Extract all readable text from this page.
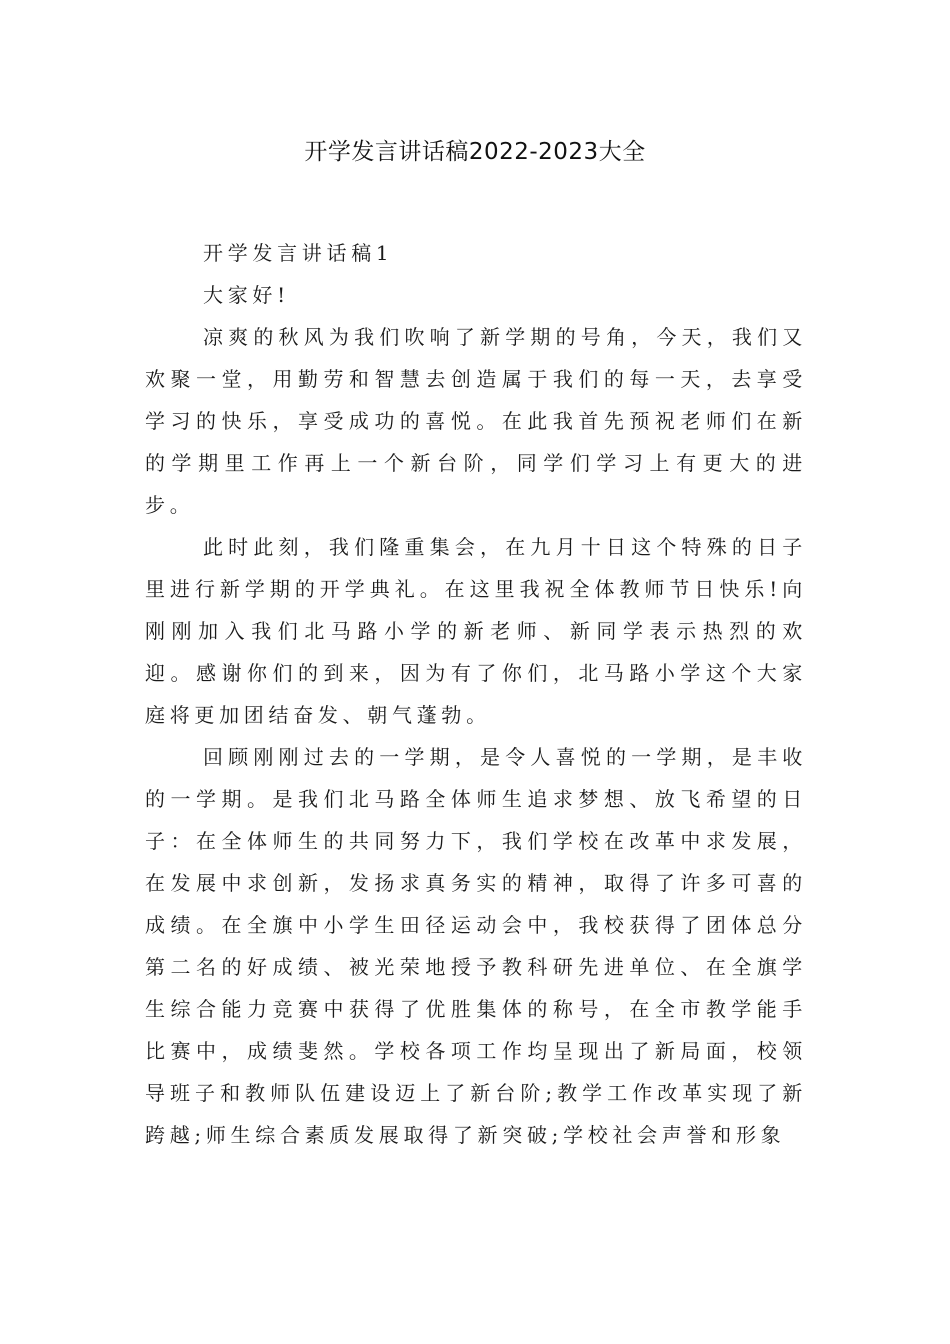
开学发言讲话稿2022-2023大全

开学发言讲话稿1

大家好!

凉爽的秋风为我们吹响了新学期的号角，今天，我们又欢聚一堂，用勤劳和智慧去创造属于我们的每一天，去享受学习的快乐，享受成功的喜悦。在此我首先预祝老师们在新的学期里工作再上一个新台阶，同学们学习上有更大的进步。

此时此刻，我们隆重集会，在九月十日这个特殊的日子里进行新学期的开学典礼。在这里我祝全体教师节日快乐!向刚刚加入我们北马路小学的新老师、新同学表示热烈的欢迎。感谢你们的到来，因为有了你们，北马路小学这个大家庭将更加团结奋发、朝气蓬勃。

回顾刚刚过去的一学期，是令人喜悦的一学期，是丰收的一学期。是我们北马路全体师生追求梦想、放飞希望的日子：在全体师生的共同努力下，我们学校在改革中求发展，在发展中求创新，发扬求真务实的精神，取得了许多可喜的成绩。在全旗中小学生田径运动会中，我校获得了团体总分第二名的好成绩、被光荣地授予教科研先进单位、在全旗学生综合能力竞赛中获得了优胜集体的称号，在全市教学能手比赛中，成绩斐然。学校各项工作均呈现出了新局面，校领导班子和教师队伍建设迈上了新台阶;教学工作改革实现了新跨越;师生综合素质发展取得了新突破;学校社会声誉和形象
